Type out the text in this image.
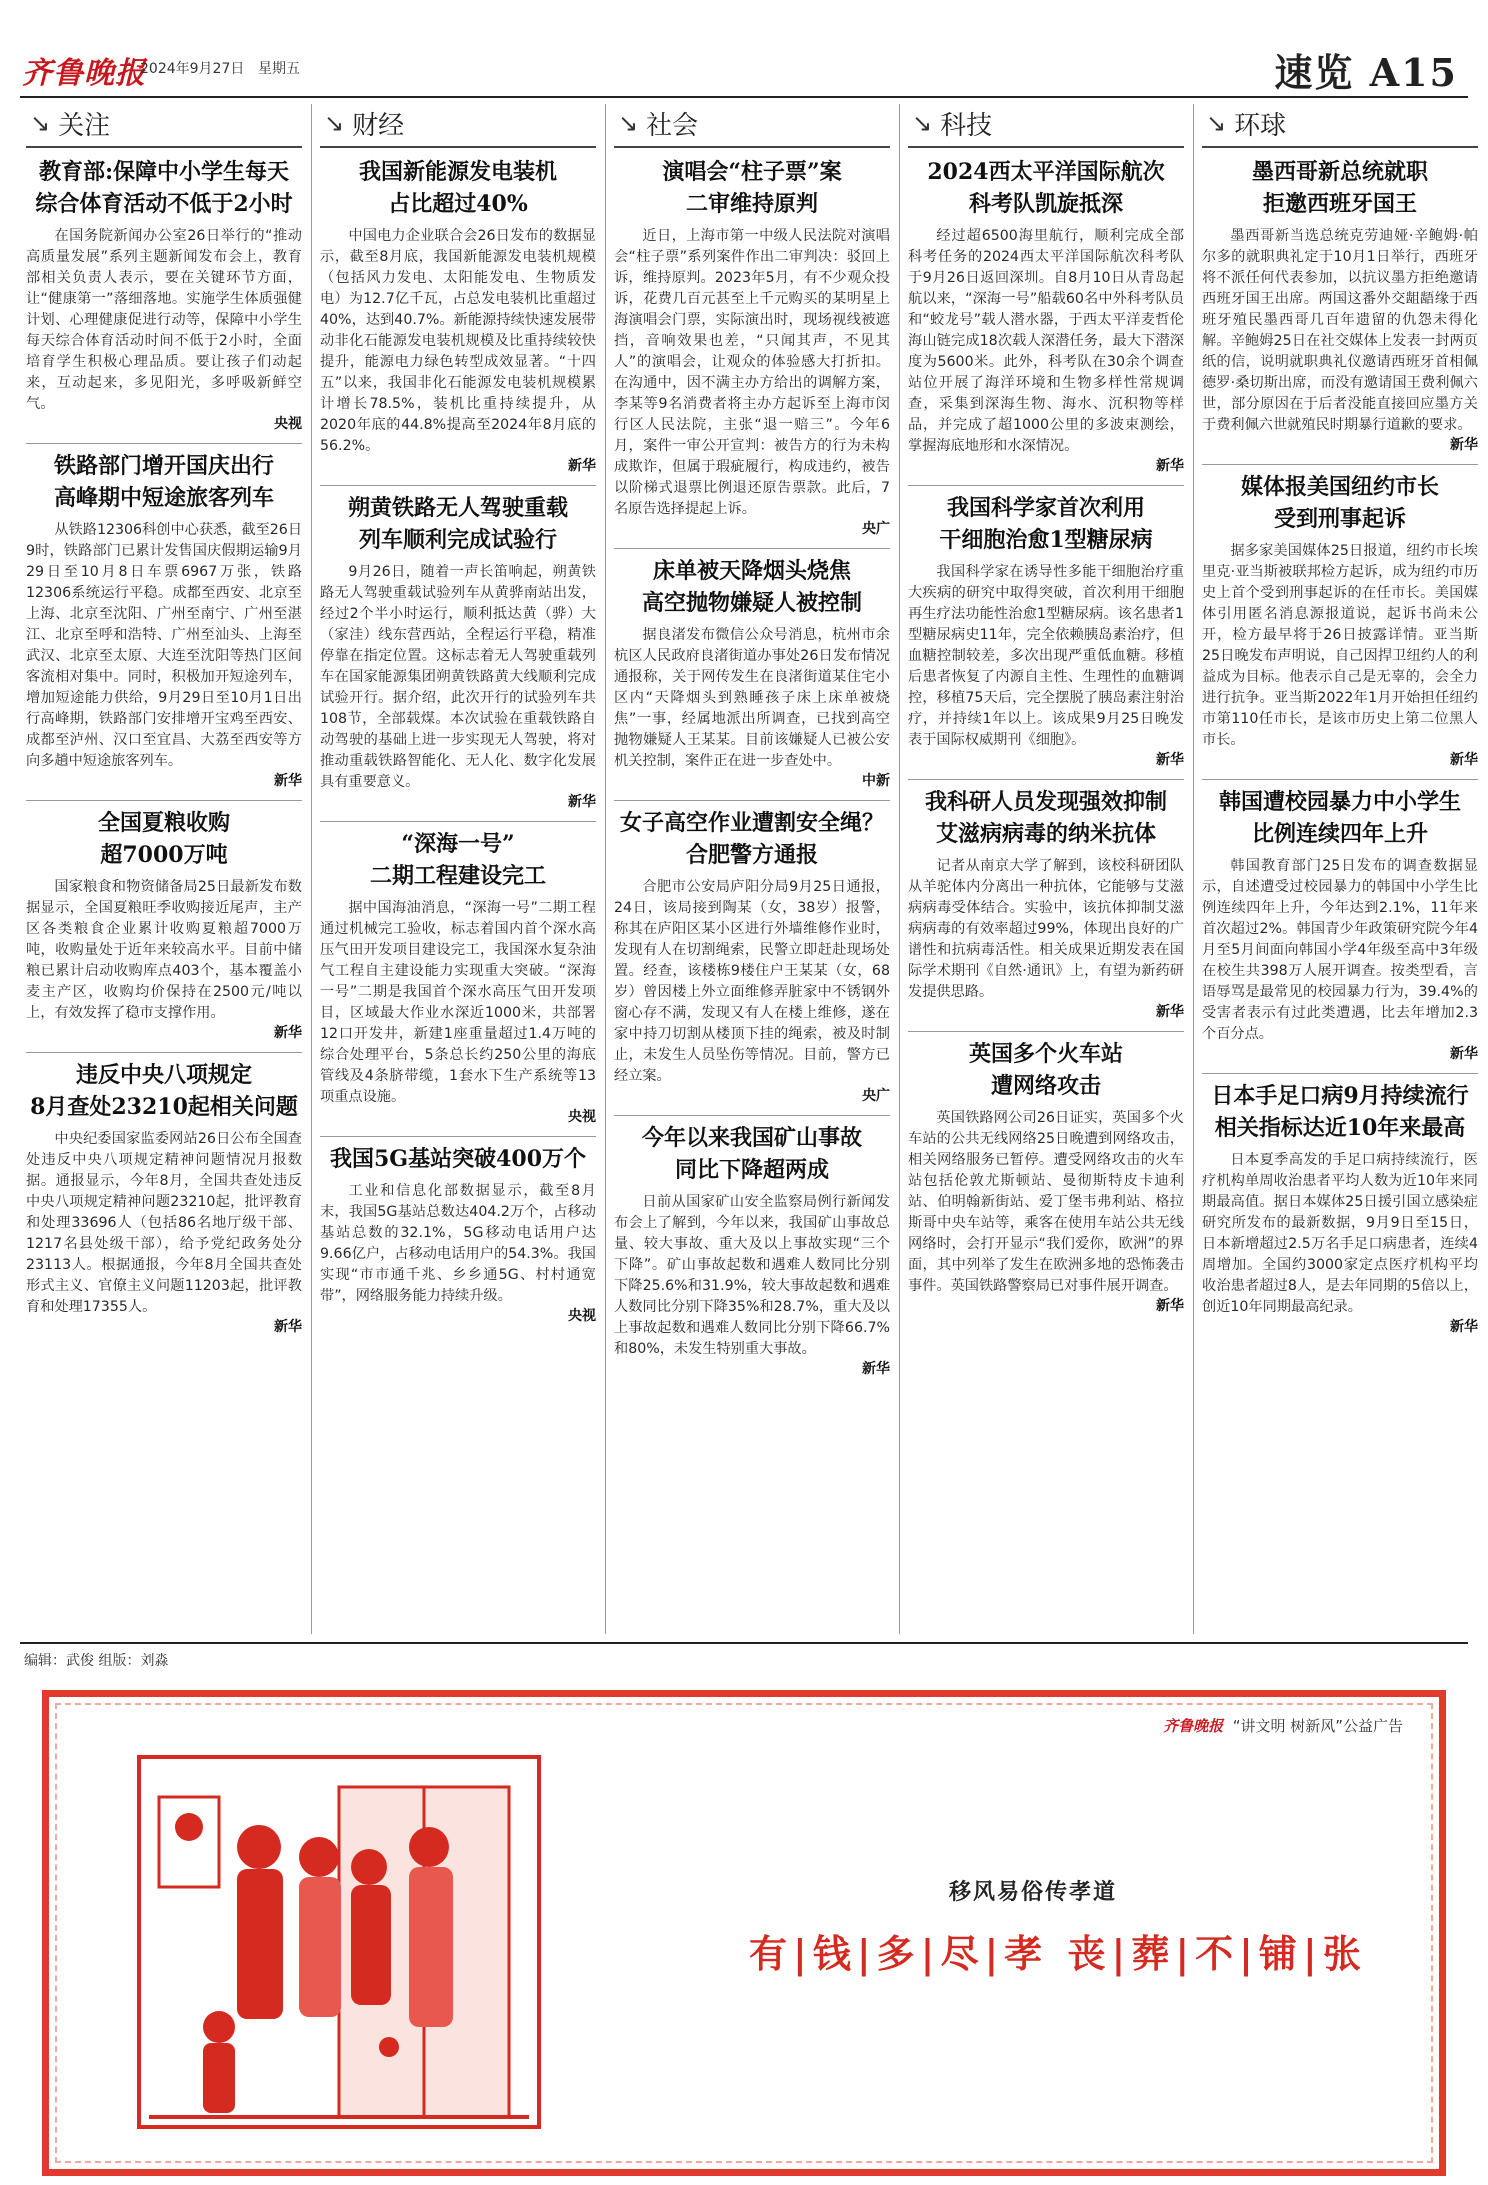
齐鲁晚报
2024年9月27日 星期五	速览 A15
↘ 关注
教育部:保障中小学生每天
综合体育活动不低于2小时
在国务院新闻办公室26日举行的“推动高质量发展”系列主题新闻发布会上，教育部相关负责人表示，要在关键环节方面，让“健康第一”落细落地。实施学生体质强健计划、心理健康促进行动等，保障中小学生每天综合体育活动时间不低于2小时，全面培育学生积极心理品质。要让孩子们动起来，互动起来，多见阳光，多呼吸新鲜空气。
央视
铁路部门增开国庆出行
高峰期中短途旅客列车
从铁路12306科创中心获悉，截至26日9时，铁路部门已累计发售国庆假期运输9月29日至10月8日车票6967万张，铁路12306系统运行平稳。成都至西安、北京至上海、北京至沈阳、广州至南宁、广州至湛江、北京至呼和浩特、广州至汕头、上海至武汉、北京至太原、大连至沈阳等热门区间客流相对集中。同时，积极加开短途列车，增加短途能力供给，9月29日至10月1日出行高峰期，铁路部门安排增开宝鸡至西安、成都至泸州、汉口至宜昌、大荔至西安等方向多趟中短途旅客列车。
新华
全国夏粮收购
超7000万吨
国家粮食和物资储备局25日最新发布数据显示，全国夏粮旺季收购接近尾声，主产区各类粮食企业累计收购夏粮超7000万吨，收购量处于近年来较高水平。目前中储粮已累计启动收购库点403个，基本覆盖小麦主产区，收购均价保持在2500元/吨以上，有效发挥了稳市支撑作用。
新华
违反中央八项规定
8月查处23210起相关问题
中央纪委国家监委网站26日公布全国查处违反中央八项规定精神问题情况月报数据。通报显示，今年8月，全国共查处违反中央八项规定精神问题23210起，批评教育和处理33696人（包括86名地厅级干部、1217名县处级干部），给予党纪政务处分23113人。根据通报，今年8月全国共查处形式主义、官僚主义问题11203起，批评教育和处理17355人。
新华
↘ 财经
我国新能源发电装机
占比超过40%
中国电力企业联合会26日发布的数据显示，截至8月底，我国新能源发电装机规模（包括风力发电、太阳能发电、生物质发电）为12.7亿千瓦，占总发电装机比重超过40%，达到40.7%。新能源持续快速发展带动非化石能源发电装机规模及比重持续较快提升，能源电力绿色转型成效显著。“十四五”以来，我国非化石能源发电装机规模累计增长78.5%，装机比重持续提升，从2020年底的44.8%提高至2024年8月底的56.2%。
新华
朔黄铁路无人驾驶重载
列车顺利完成试验行
9月26日，随着一声长笛响起，朔黄铁路无人驾驶重载试验列车从黄骅南站出发，经过2个半小时运行，顺利抵达黄（骅）大（家洼）线东营西站，全程运行平稳，精准停靠在指定位置。这标志着无人驾驶重载列车在国家能源集团朔黄铁路黄大线顺利完成试验开行。据介绍，此次开行的试验列车共108节，全部载煤。本次试验在重载铁路自动驾驶的基础上进一步实现无人驾驶，将对推动重载铁路智能化、无人化、数字化发展具有重要意义。
新华
“深海一号”
二期工程建设完工
据中国海油消息，“深海一号”二期工程通过机械完工验收，标志着国内首个深水高压气田开发项目建设完工，我国深水复杂油气工程自主建设能力实现重大突破。“深海一号”二期是我国首个深水高压气田开发项目，区域最大作业水深近1000米，共部署12口开发井，新建1座重量超过1.4万吨的综合处理平台，5条总长约250公里的海底管线及4条脐带缆，1套水下生产系统等13项重点设施。
央视
我国5G基站突破400万个
工业和信息化部数据显示，截至8月末，我国5G基站总数达404.2万个，占移动基站总数的32.1%，5G移动电话用户达9.66亿户，占移动电话用户的54.3%。我国实现“市市通千兆、乡乡通5G、村村通宽带”，网络服务能力持续升级。
央视
↘ 社会
演唱会“柱子票”案
二审维持原判
近日，上海市第一中级人民法院对演唱会“柱子票”系列案件作出二审判决：驳回上诉，维持原判。2023年5月，有不少观众投诉，花费几百元甚至上千元购买的某明星上海演唱会门票，实际演出时，现场视线被遮挡，音响效果也差，“只闻其声，不见其人”的演唱会，让观众的体验感大打折扣。在沟通中，因不满主办方给出的调解方案，李某等9名消费者将主办方起诉至上海市闵行区人民法院，主张“退一赔三”。今年6月，案件一审公开宣判：被告方的行为未构成欺诈，但属于瑕疵履行，构成违约，被告以阶梯式退票比例退还原告票款。此后，7名原告选择提起上诉。
央广
床单被天降烟头烧焦
高空抛物嫌疑人被控制
据良渚发布微信公众号消息，杭州市余杭区人民政府良渚街道办事处26日发布情况通报称，关于网传发生在良渚街道某住宅小区内“天降烟头到熟睡孩子床上床单被烧焦”一事，经属地派出所调查，已找到高空抛物嫌疑人王某某。目前该嫌疑人已被公安机关控制，案件正在进一步查处中。
中新
女子高空作业遭割安全绳？
合肥警方通报
合肥市公安局庐阳分局9月25日通报，24日，该局接到陶某（女，38岁）报警，称其在庐阳区某小区进行外墙维修作业时，发现有人在切割绳索，民警立即赶赴现场处置。经查，该楼栋9楼住户王某某（女，68岁）曾因楼上外立面维修弄脏家中不锈钢外窗心存不满，发现又有人在楼上维修，遂在家中持刀切割从楼顶下挂的绳索，被及时制止，未发生人员坠伤等情况。目前，警方已经立案。
央广
今年以来我国矿山事故
同比下降超两成
日前从国家矿山安全监察局例行新闻发布会上了解到，今年以来，我国矿山事故总量、较大事故、重大及以上事故实现“三个下降”。矿山事故起数和遇难人数同比分别下降25.6%和31.9%，较大事故起数和遇难人数同比分别下降35%和28.7%，重大及以上事故起数和遇难人数同比分别下降66.7%和80%，未发生特别重大事故。
新华
↘ 科技
2024西太平洋国际航次
科考队凯旋抵深
经过超6500海里航行，顺利完成全部科考任务的2024西太平洋国际航次科考队于9月26日返回深圳。自8月10日从青岛起航以来，“深海一号”船载60名中外科考队员和“蛟龙号”载人潜水器，于西太平洋麦哲伦海山链完成18次载人深潜任务，最大下潜深度为5600米。此外，科考队在30余个调查站位开展了海洋环境和生物多样性常规调查，采集到深海生物、海水、沉积物等样品，并完成了超1000公里的多波束测绘，掌握海底地形和水深情况。
新华
我国科学家首次利用
干细胞治愈1型糖尿病
我国科学家在诱导性多能干细胞治疗重大疾病的研究中取得突破，首次利用干细胞再生疗法功能性治愈1型糖尿病。该名患者1型糖尿病史11年，完全依赖胰岛素治疗，但血糖控制较差，多次出现严重低血糖。移植后患者恢复了内源自主性、生理性的血糖调控，移植75天后，完全摆脱了胰岛素注射治疗，并持续1年以上。该成果9月25日晚发表于国际权威期刊《细胞》。
新华
我科研人员发现强效抑制
艾滋病病毒的纳米抗体
记者从南京大学了解到，该校科研团队从羊驼体内分离出一种抗体，它能够与艾滋病病毒受体结合。实验中，该抗体抑制艾滋病病毒的有效率超过99%，体现出良好的广谱性和抗病毒活性。相关成果近期发表在国际学术期刊《自然·通讯》上，有望为新药研发提供思路。
新华
英国多个火车站
遭网络攻击
英国铁路网公司26日证实，英国多个火车站的公共无线网络25日晚遭到网络攻击，相关网络服务已暂停。遭受网络攻击的火车站包括伦敦尤斯顿站、曼彻斯特皮卡迪利站、伯明翰新街站、爱丁堡韦弗利站、格拉斯哥中央车站等，乘客在使用车站公共无线网络时，会打开显示“我们爱你，欧洲”的界面，其中列举了发生在欧洲多地的恐怖袭击事件。英国铁路警察局已对事件展开调查。
新华
↘ 环球
墨西哥新总统就职
拒邀西班牙国王
墨西哥新当选总统克劳迪娅·辛鲍姆·帕尔多的就职典礼定于10月1日举行，西班牙将不派任何代表参加，以抗议墨方拒绝邀请西班牙国王出席。两国这番外交龃龉缘于西班牙殖民墨西哥几百年遗留的仇怨未得化解。辛鲍姆25日在社交媒体上发表一封两页纸的信，说明就职典礼仪邀请西班牙首相佩德罗·桑切斯出席，而没有邀请国王费利佩六世，部分原因在于后者没能直接回应墨方关于费利佩六世就殖民时期暴行道歉的要求。
新华
媒体报美国纽约市长
受到刑事起诉
据多家美国媒体25日报道，纽约市长埃里克·亚当斯被联邦检方起诉，成为纽约市历史上首个受到刑事起诉的在任市长。美国媒体引用匿名消息源报道说，起诉书尚未公开，检方最早将于26日披露详情。亚当斯25日晚发布声明说，自己因捍卫纽约人的利益成为目标。他表示自己是无辜的，会全力进行抗争。亚当斯2022年1月开始担任纽约市第110任市长，是该市历史上第二位黑人市长。
新华
韩国遭校园暴力中小学生
比例连续四年上升
韩国教育部门25日发布的调查数据显示，自述遭受过校园暴力的韩国中小学生比例连续四年上升，今年达到2.1%，11年来首次超过2%。韩国青少年政策研究院今年4月至5月间面向韩国小学4年级至高中3年级在校生共398万人展开调查。按类型看，言语辱骂是最常见的校园暴力行为，39.4%的受害者表示有过此类遭遇，比去年增加2.3个百分点。
新华
日本手足口病9月持续流行
相关指标达近10年来最高
日本夏季高发的手足口病持续流行，医疗机构单周收治患者平均人数为近10年来同期最高值。据日本媒体25日援引国立感染症研究所发布的最新数据，9月9日至15日，日本新增超过2.5万名手足口病患者，连续4周增加。全国约3000家定点医疗机构平均收治患者超过8人，是去年同期的5倍以上，创近10年同期最高纪录。
新华
编辑：武俊 组版：刘淼
齐鲁晚报 “讲文明 树新风”公益广告
移风易俗传孝道
有|钱|多|尽|孝 丧|葬|不|铺|张
